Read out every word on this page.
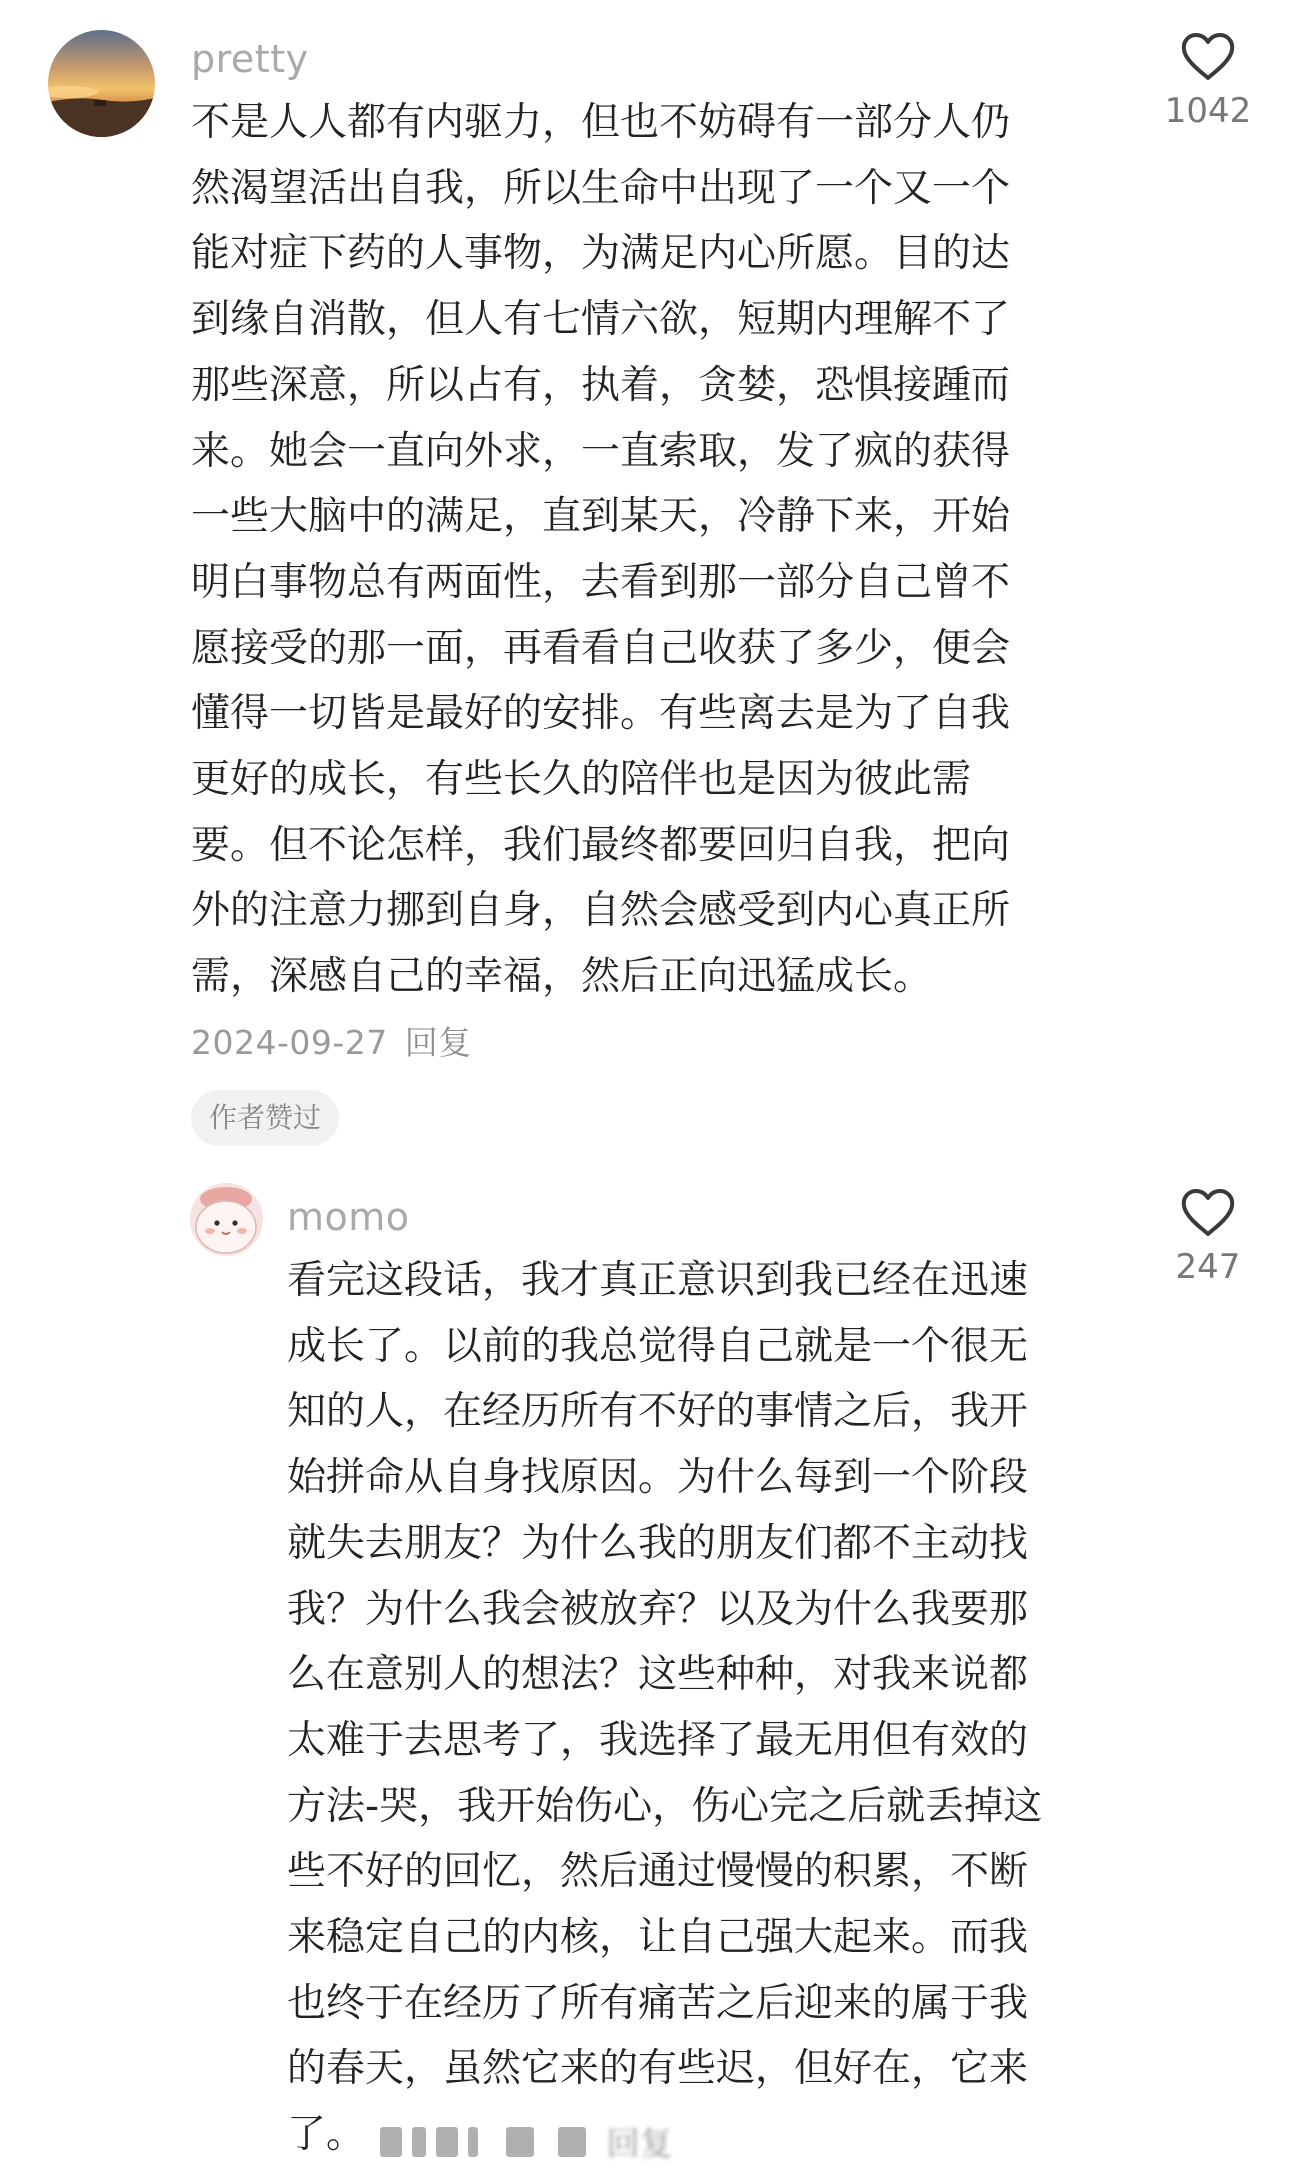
pretty
不是人人都有内驱力，但也不妨碍有一部分人仍
然渴望活出自我，所以生命中出现了一个又一个
能对症下药的人事物，为满足内心所愿。目的达
到缘自消散，但人有七情六欲，短期内理解不了
那些深意，所以占有，执着，贪婪，恐惧接踵而
来。她会一直向外求，一直索取，发了疯的获得
一些大脑中的满足，直到某天，冷静下来，开始
明白事物总有两面性，去看到那一部分自己曾不
愿接受的那一面，再看看自己收获了多少，便会
懂得一切皆是最好的安排。有些离去是为了自我
更好的成长，有些长久的陪伴也是因为彼此需
要。但不论怎样，我们最终都要回归自我，把向
外的注意力挪到自身，自然会感受到内心真正所
需，深感自己的幸福，然后正向迅猛成长。
2024-09-27 回复
作者赞过
1042
momo
看完这段话，我才真正意识到我已经在迅速
成长了。以前的我总觉得自己就是一个很无
知的人，在经历所有不好的事情之后，我开
始拼命从自身找原因。为什么每到一个阶段
就失去朋友？为什么我的朋友们都不主动找
我？为什么我会被放弃？以及为什么我要那
么在意别人的想法？这些种种，对我来说都
太难于去思考了，我选择了最无用但有效的
方法-哭，我开始伤心，伤心完之后就丢掉这
些不好的回忆，然后通过慢慢的积累，不断
来稳定自己的内核，让自己强大起来。而我
也终于在经历了所有痛苦之后迎来的属于我
的春天，虽然它来的有些迟，但好在，它来
了。
247
回复
